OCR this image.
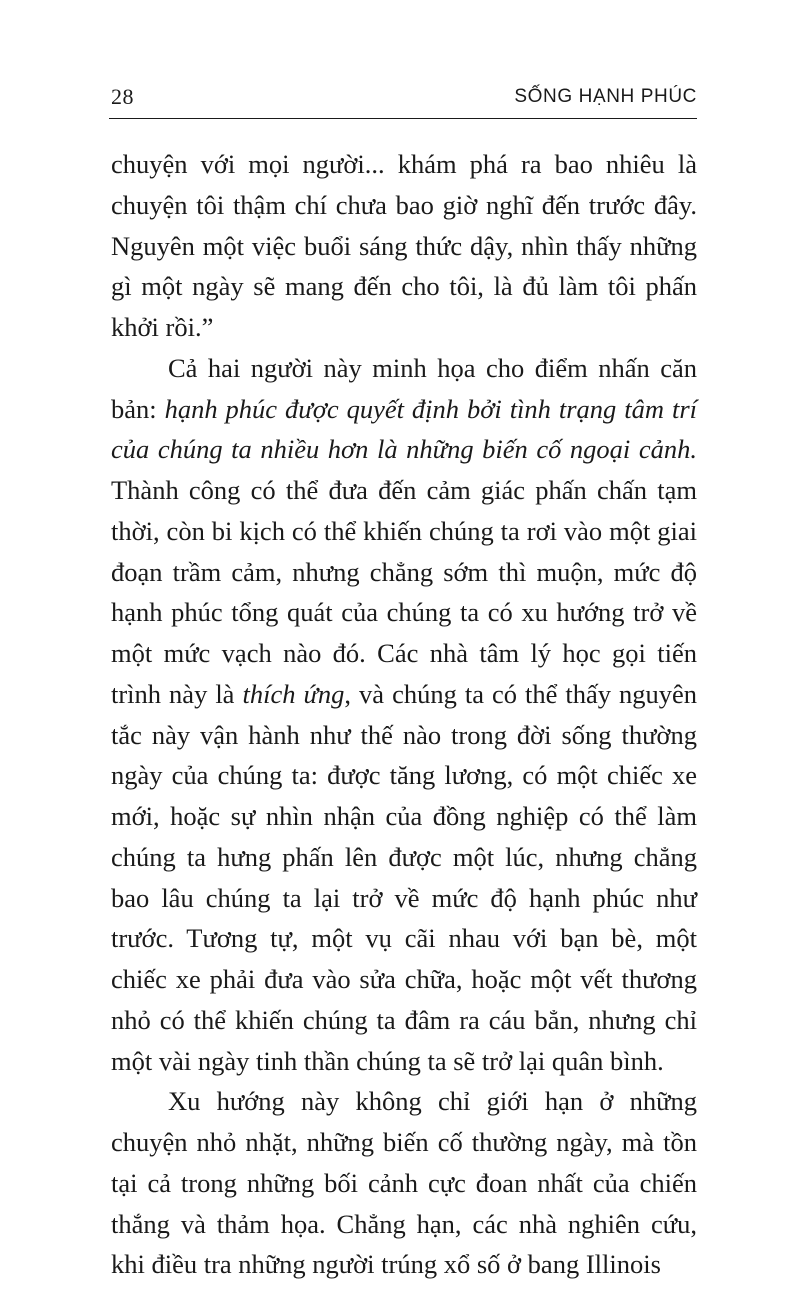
28	SỐNG HẠNH PHÚC

chuyện với mọi người... khám phá ra bao nhiêu là chuyện tôi thậm chí chưa bao giờ nghĩ đến trước đây. Nguyên một việc buổi sáng thức dậy, nhìn thấy những gì một ngày sẽ mang đến cho tôi, là đủ làm tôi phấn khởi rồi.”

Cả hai người này minh họa cho điểm nhấn căn bản: hạnh phúc được quyết định bởi tình trạng tâm trí của chúng ta nhiều hơn là những biến cố ngoại cảnh. Thành công có thể đưa đến cảm giác phấn chấn tạm thời, còn bi kịch có thể khiến chúng ta rơi vào một giai đoạn trầm cảm, nhưng chẳng sớm thì muộn, mức độ hạnh phúc tổng quát của chúng ta có xu hướng trở về một mức vạch nào đó. Các nhà tâm lý học gọi tiến trình này là thích ứng, và chúng ta có thể thấy nguyên tắc này vận hành như thế nào trong đời sống thường ngày của chúng ta: được tăng lương, có một chiếc xe mới, hoặc sự nhìn nhận của đồng nghiệp có thể làm chúng ta hưng phấn lên được một lúc, nhưng chẳng bao lâu chúng ta lại trở về mức độ hạnh phúc như trước. Tương tự, một vụ cãi nhau với bạn bè, một chiếc xe phải đưa vào sửa chữa, hoặc một vết thương nhỏ có thể khiến chúng ta đâm ra cáu bẳn, nhưng chỉ một vài ngày tinh thần chúng ta sẽ trở lại quân bình.

Xu hướng này không chỉ giới hạn ở những chuyện nhỏ nhặt, những biến cố thường ngày, mà tồn tại cả trong những bối cảnh cực đoan nhất của chiến thắng và thảm họa. Chẳng hạn, các nhà nghiên cứu, khi điều tra những người trúng xổ số ở bang Illinois
